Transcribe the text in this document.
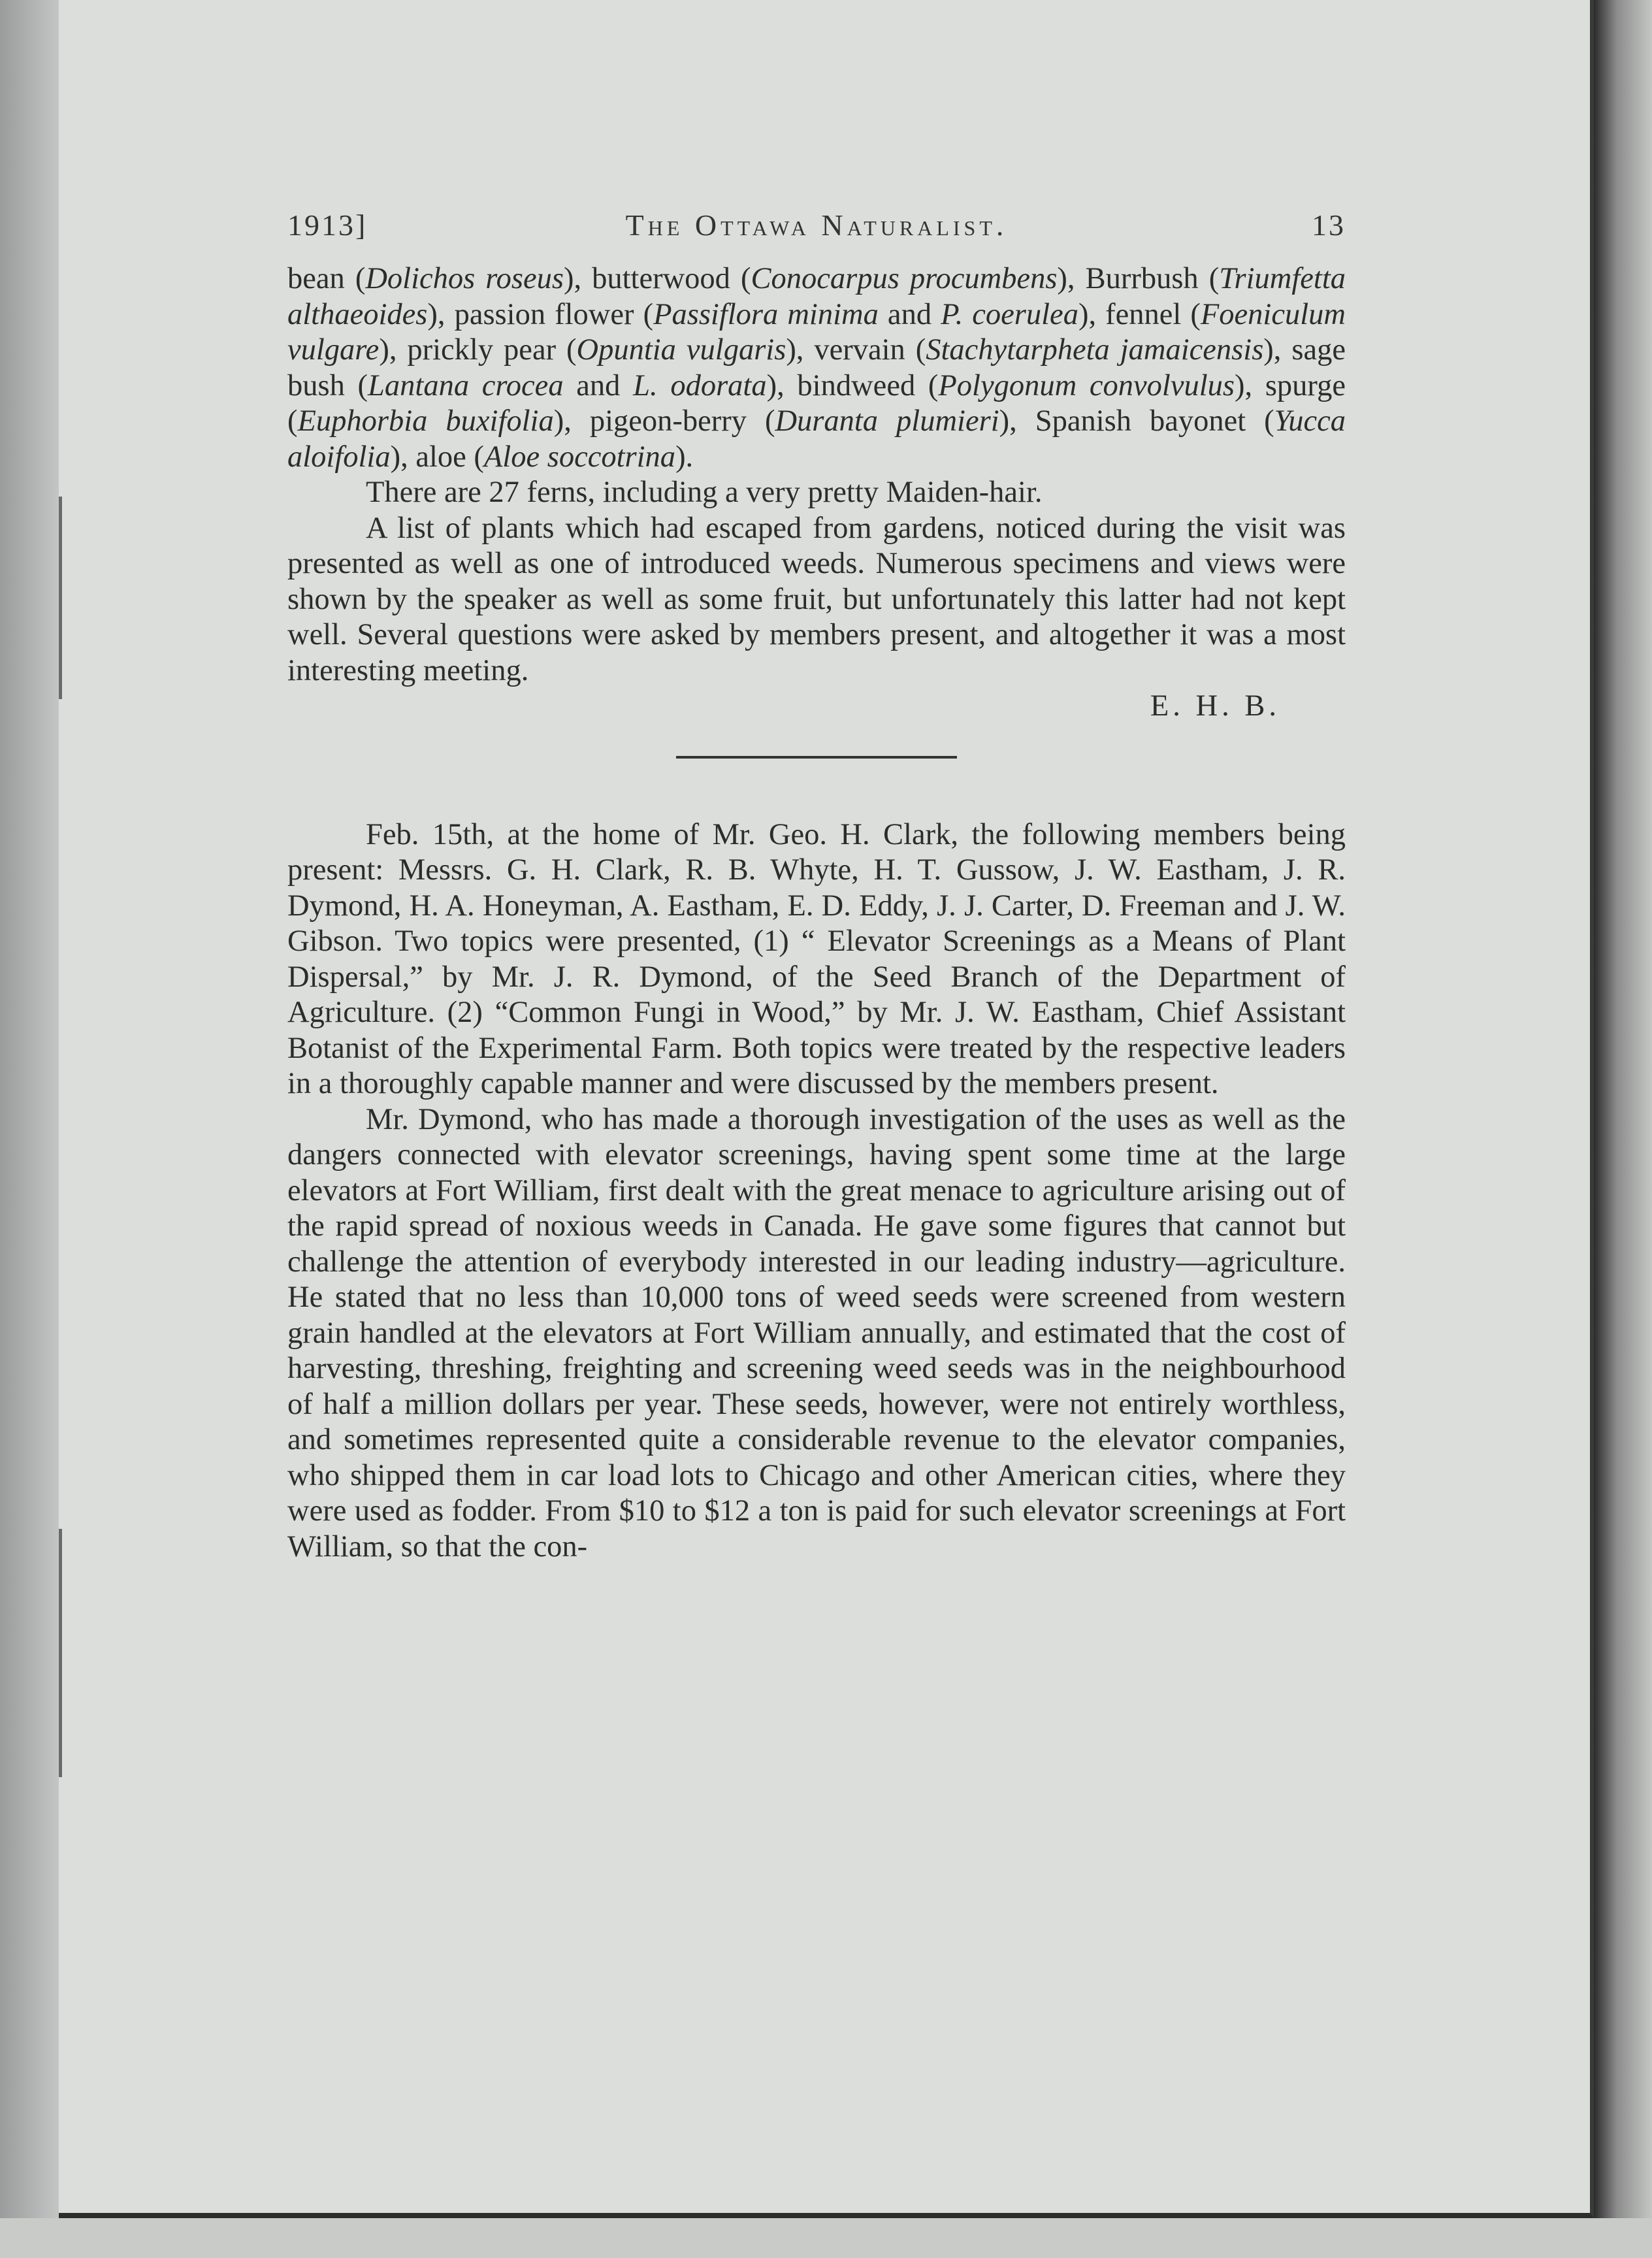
1913]	The Ottawa Naturalist.	13

bean (Dolichos roseus), butterwood (Conocarpus procumbens), Burrbush (Triumfetta althaeoides), passion flower (Passiflora minima and P. coerulea), fennel (Foeniculum vulgare), prickly pear (Opuntia vulgaris), vervain (Stachytarpheta jamaicensis), sage bush (Lantana crocea and L. odorata), bindweed (Polygonum convolvulus), spurge (Euphorbia buxifolia), pigeon-berry (Duranta plumieri), Spanish bayonet (Yucca aloifolia), aloe (Aloe soccotrina).

There are 27 ferns, including a very pretty Maiden-hair.

A list of plants which had escaped from gardens, noticed during the visit was presented as well as one of introduced weeds. Numerous specimens and views were shown by the speaker as well as some fruit, but unfortunately this latter had not kept well. Several questions were asked by members present, and altogether it was a most interesting meeting.

E. H. B.

Feb. 15th, at the home of Mr. Geo. H. Clark, the following members being present: Messrs. G. H. Clark, R. B. Whyte, H. T. Gussow, J. W. Eastham, J. R. Dymond, H. A. Honeyman, A. Eastham, E. D. Eddy, J. J. Carter, D. Freeman and J. W. Gibson. Two topics were presented, (1) “ Elevator Screenings as a Means of Plant Dispersal,” by Mr. J. R. Dymond, of the Seed Branch of the Department of Agriculture. (2) “Common Fungi in Wood,” by Mr. J. W. Eastham, Chief Assistant Botanist of the Experimental Farm. Both topics were treated by the respective leaders in a thoroughly capable manner and were discussed by the members present.

Mr. Dymond, who has made a thorough investigation of the uses as well as the dangers connected with elevator screenings, having spent some time at the large elevators at Fort William, first dealt with the great menace to agriculture arising out of the rapid spread of noxious weeds in Canada. He gave some figures that cannot but challenge the attention of everybody interested in our leading industry—agriculture. He stated that no less than 10,000 tons of weed seeds were screened from western grain handled at the elevators at Fort William annually, and estimated that the cost of harvesting, threshing, freighting and screening weed seeds was in the neighbourhood of half a million dollars per year. These seeds, however, were not entirely worthless, and sometimes represented quite a considerable revenue to the elevator companies, who shipped them in car load lots to Chicago and other American cities, where they were used as fodder. From $10 to $12 a ton is paid for such elevator screenings at Fort William, so that the con-
